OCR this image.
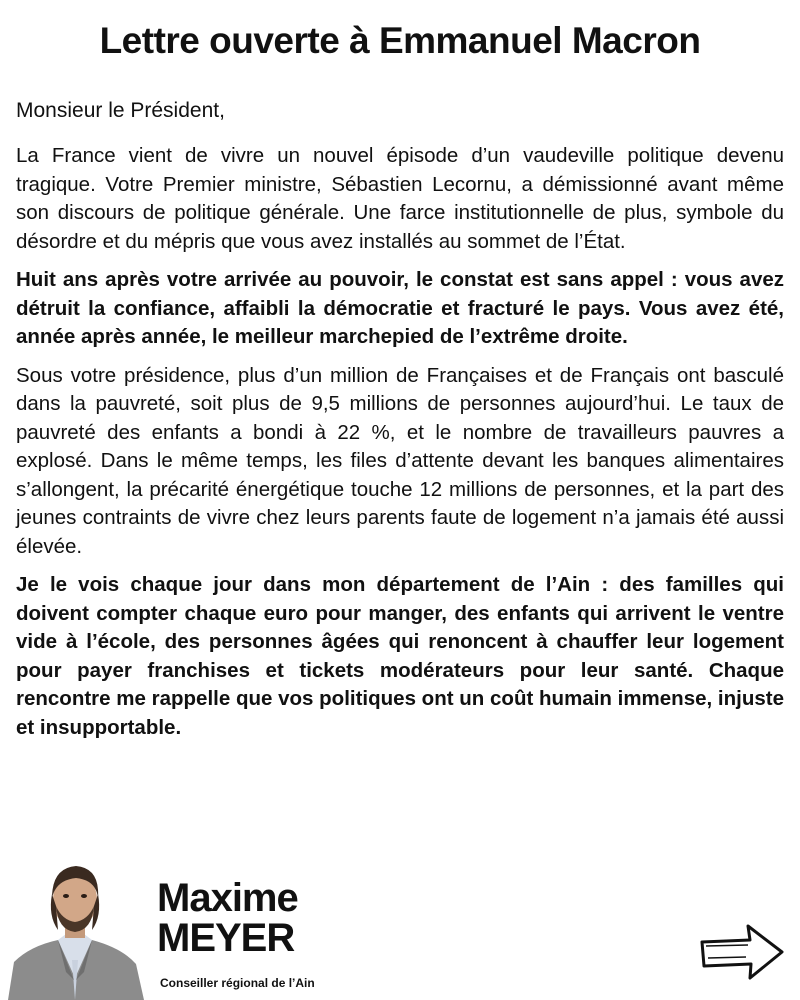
Lettre ouverte à Emmanuel Macron

Monsieur le Président,

La France vient de vivre un nouvel épisode d’un vaudeville politique devenu tragique. Votre Premier ministre, Sébastien Lecornu, a démissionné avant même son discours de politique générale. Une farce institutionnelle de plus, symbole du désordre et du mépris que vous avez installés au sommet de l’État.

Huit ans après votre arrivée au pouvoir, le constat est sans appel : vous avez détruit la confiance, affaibli la démocratie et fracturé le pays. Vous avez été, année après année, le meilleur marchepied de l’extrême droite.

Sous votre présidence, plus d’un million de Françaises et de Français ont basculé dans la pauvreté, soit plus de 9,5 millions de personnes aujourd’hui. Le taux de pauvreté des enfants a bondi à 22 %, et le nombre de travailleurs pauvres a explosé. Dans le même temps, les files d’attente devant les banques alimentaires s’allongent, la précarité énergétique touche 12 millions de personnes, et la part des jeunes contraints de vivre chez leurs parents faute de logement n’a jamais été aussi élevée.

Je le vois chaque jour dans mon département de l’Ain : des familles qui doivent compter chaque euro pour manger, des enfants qui arrivent le ventre vide à l’école, des personnes âgées qui renoncent à chauffer leur logement pour payer franchises et tickets modérateurs pour leur santé. Chaque rencontre me rappelle que vos politiques ont un coût humain immense, injuste et insupportable.

Maxime
MEYER
Conseiller régional de l’Ain
